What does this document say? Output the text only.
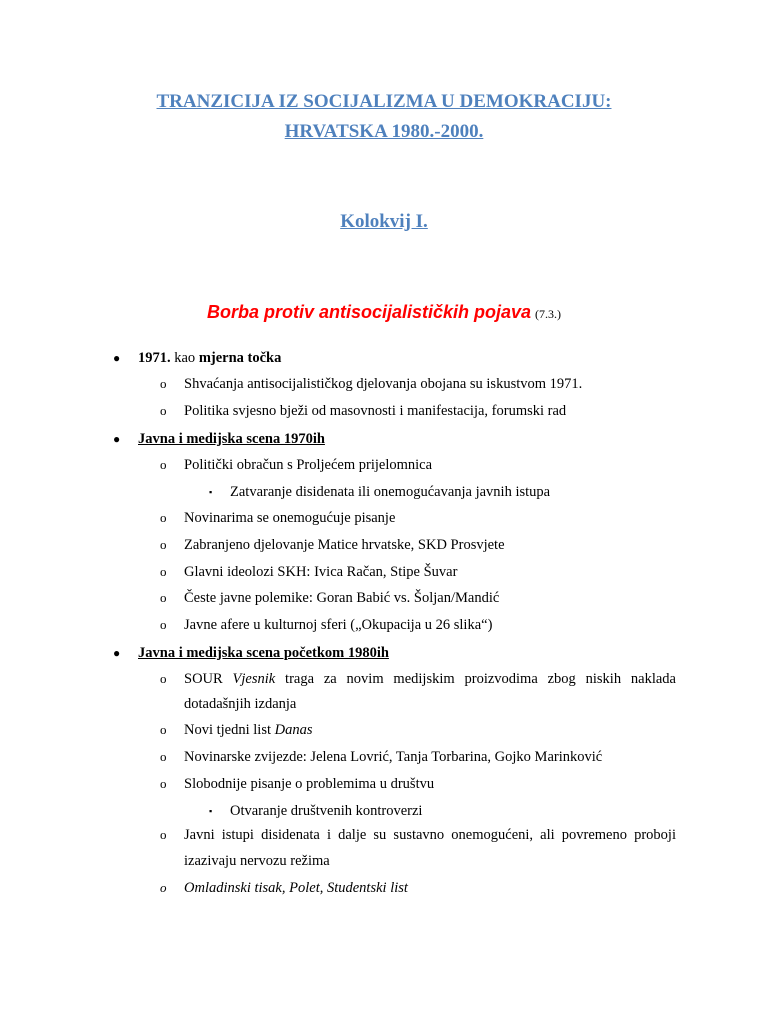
TRANZICIJA IZ SOCIJALIZMA U DEMOKRACIJU:
HRVATSKA 1980.-2000.
Kolokvij I.
Borba protiv antisocijalističkih pojava (7.3.)
● 1971. kao mjerna točka
o Shvaćanja antisocijalističkog djelovanja obojana su iskustvom 1971.
o Politika svjesno bježi od masovnosti i manifestacija, forumski rad
● Javna i medijska scena 1970ih
o Politički obračun s Proljećem prijelomnica
▪ Zatvaranje disidenata ili onemogućavanja javnih istupa
o Novinarima se onemogućuje pisanje
o Zabranjeno djelovanje Matice hrvatske, SKD Prosvjete
o Glavni ideolozi SKH: Ivica Račan, Stipe Šuvar
o Česte javne polemike: Goran Babić vs. Šoljan/Mandić
o Javne afere u kulturnoj sferi („Okupacija u 26 slika“)
● Javna i medijska scena početkom 1980ih
o SOUR Vjesnik traga za novim medijskim proizvodima zbog niskih naklada
dotadašnjih izdanja
o Novi tjedni list Danas
o Novinarske zvijezde: Jelena Lovrić, Tanja Torbarina, Gojko Marinković
o Slobodnije pisanje o problemima u društvu
▪ Otvaranje društvenih kontroverzi
o Javni istupi disidenata i dalje su sustavno onemogućeni, ali povremeno proboji
izazivaju nervozu režima
o Omladinski tisak, Polet, Studentski list
